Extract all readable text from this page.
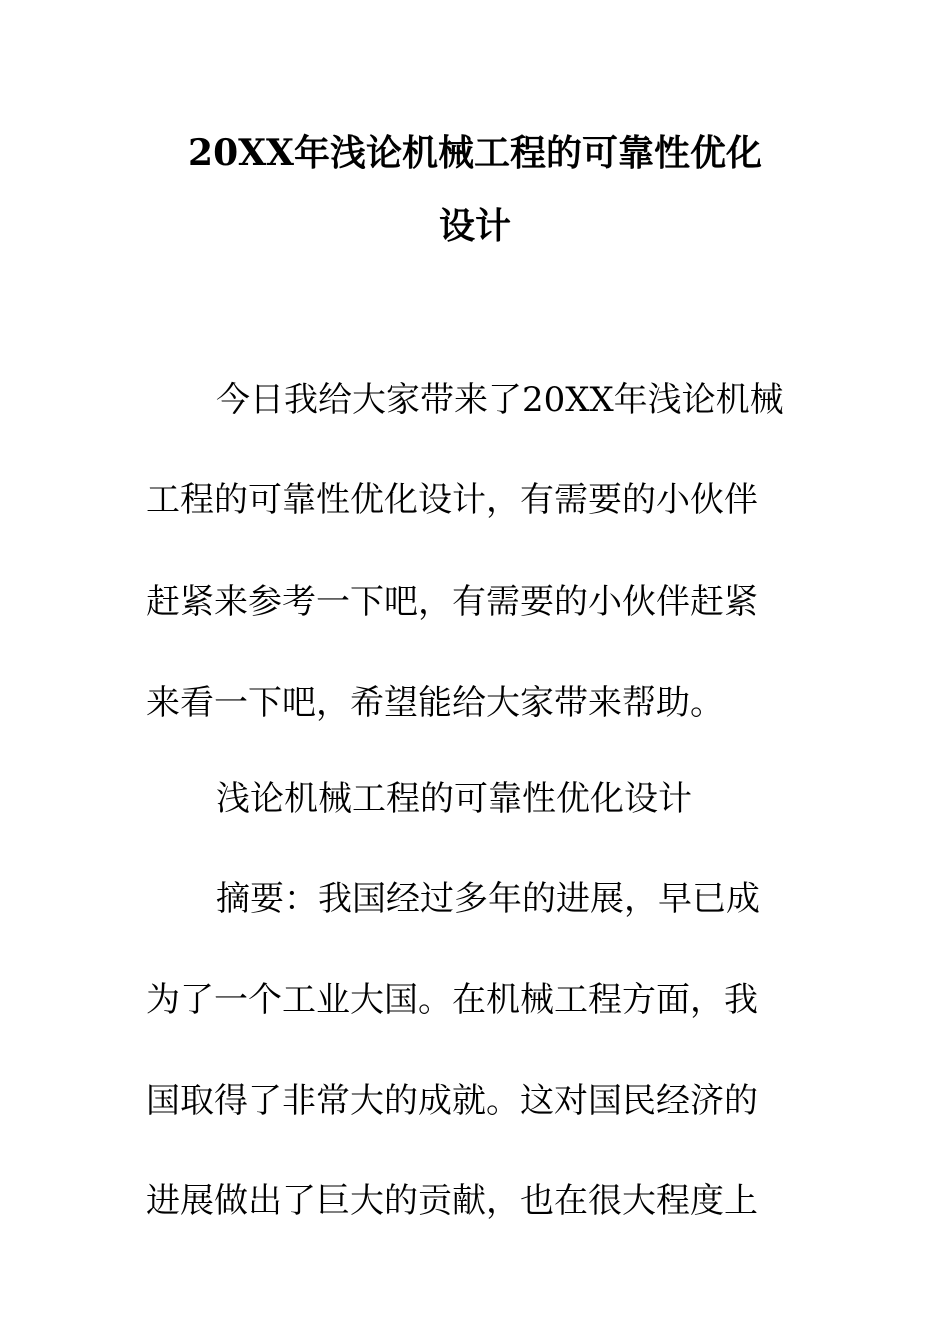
20XX年浅论机械工程的可靠性优化
设计
今日我给大家带来了20XX年浅论机械
工程的可靠性优化设计，有需要的小伙伴
赶紧来参考一下吧，有需要的小伙伴赶紧
来看一下吧，希望能给大家带来帮助。
浅论机械工程的可靠性优化设计
摘要：我国经过多年的进展，早已成
为了一个工业大国。在机械工程方面，我
国取得了非常大的成就。这对国民经济的
进展做出了巨大的贡献，也在很大程度上
